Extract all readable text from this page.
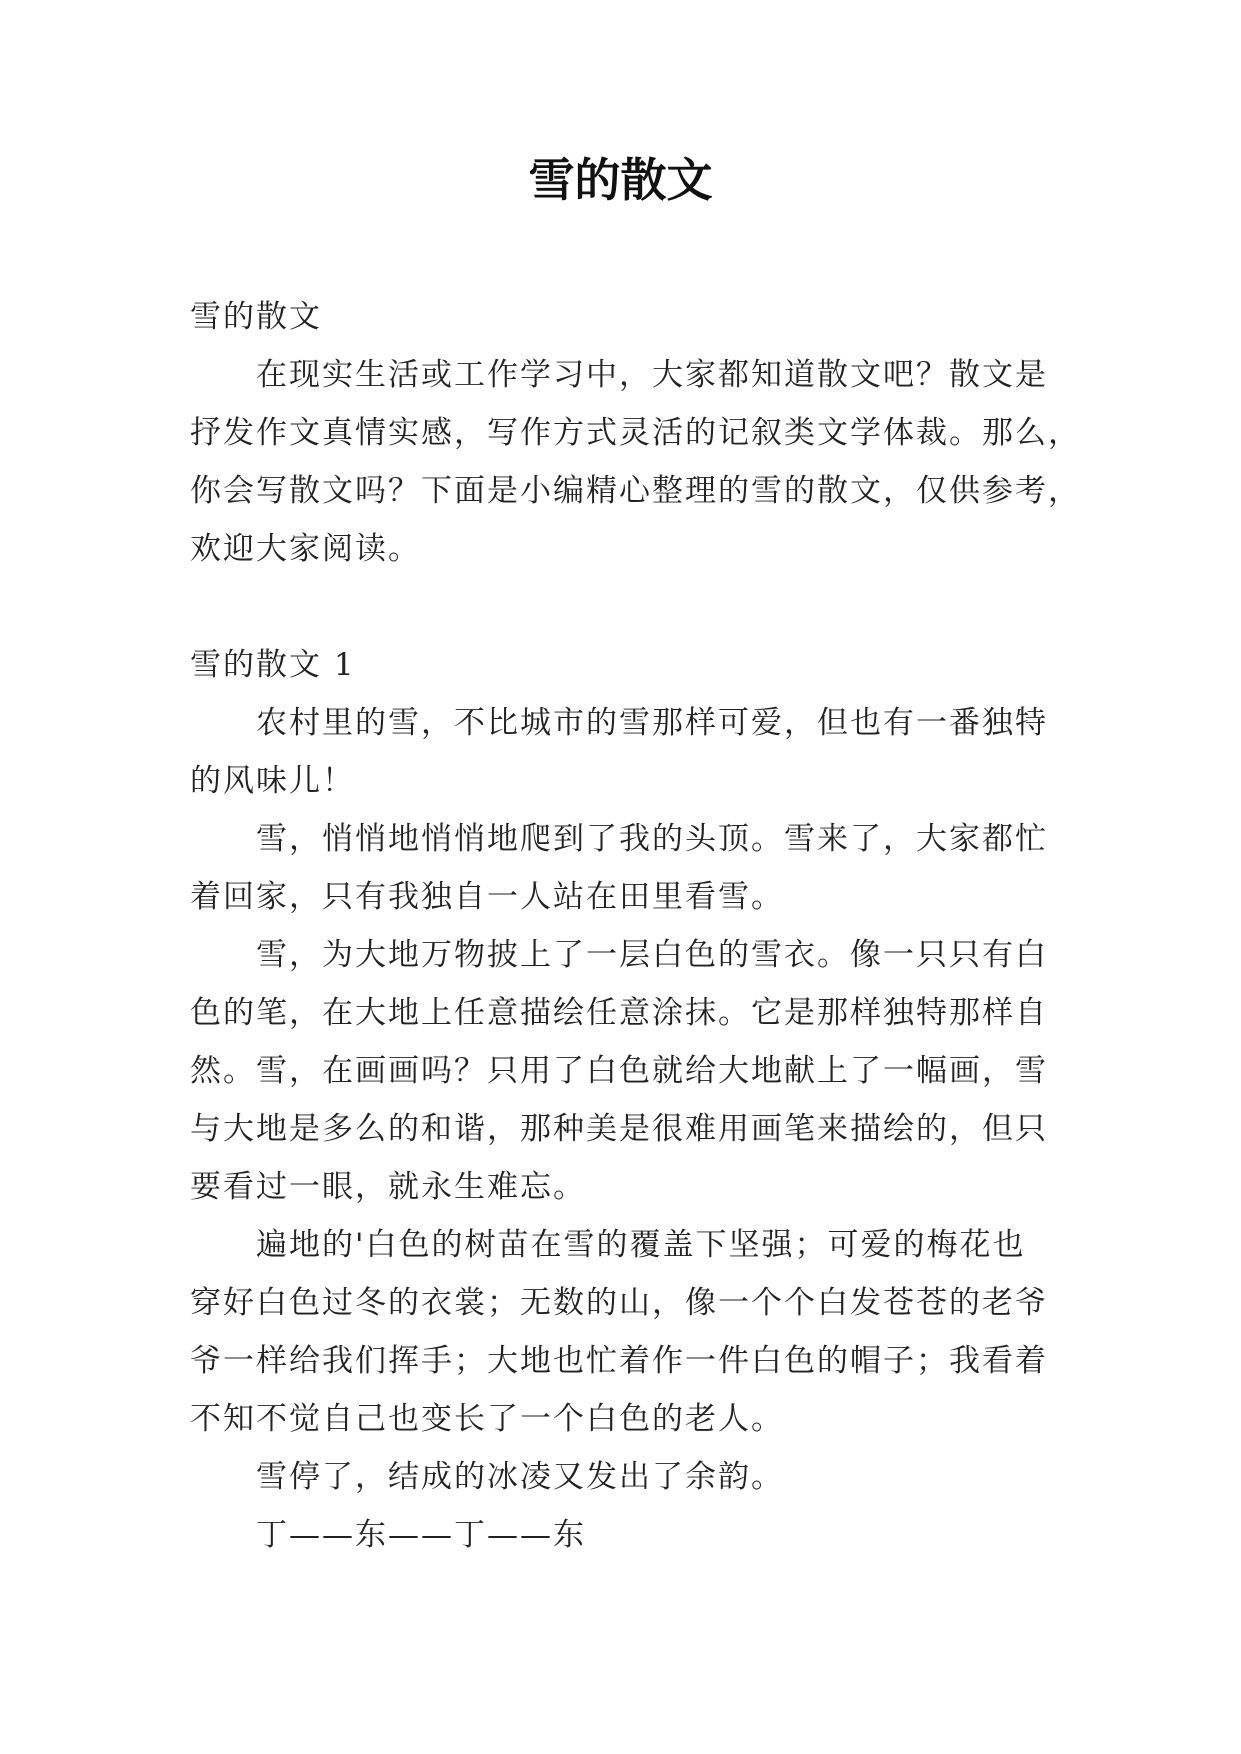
雪的散文

雪的散文

在现实生活或工作学习中，大家都知道散文吧？散文是

抒发作文真情实感，写作方式灵活的记叙类文学体裁。那么，

你会写散文吗？下面是小编精心整理的雪的散文，仅供参考，

欢迎大家阅读。

雪的散文 1

农村里的雪，不比城市的雪那样可爱，但也有一番独特

的风味儿！

雪，悄悄地悄悄地爬到了我的头顶。雪来了，大家都忙

着回家，只有我独自一人站在田里看雪。

雪，为大地万物披上了一层白色的雪衣。像一只只有白

色的笔，在大地上任意描绘任意涂抹。它是那样独特那样自

然。雪，在画画吗？只用了白色就给大地献上了一幅画，雪

与大地是多么的和谐，那种美是很难用画笔来描绘的，但只

要看过一眼，就永生难忘。

遍地的'白色的树苗在雪的覆盖下坚强；可爱的梅花也

穿好白色过冬的衣裳；无数的山，像一个个白发苍苍的老爷

爷一样给我们挥手；大地也忙着作一件白色的帽子；我看着

不知不觉自己也变长了一个白色的老人。

雪停了，结成的冰凌又发出了余韵。

丁——东——丁——东
